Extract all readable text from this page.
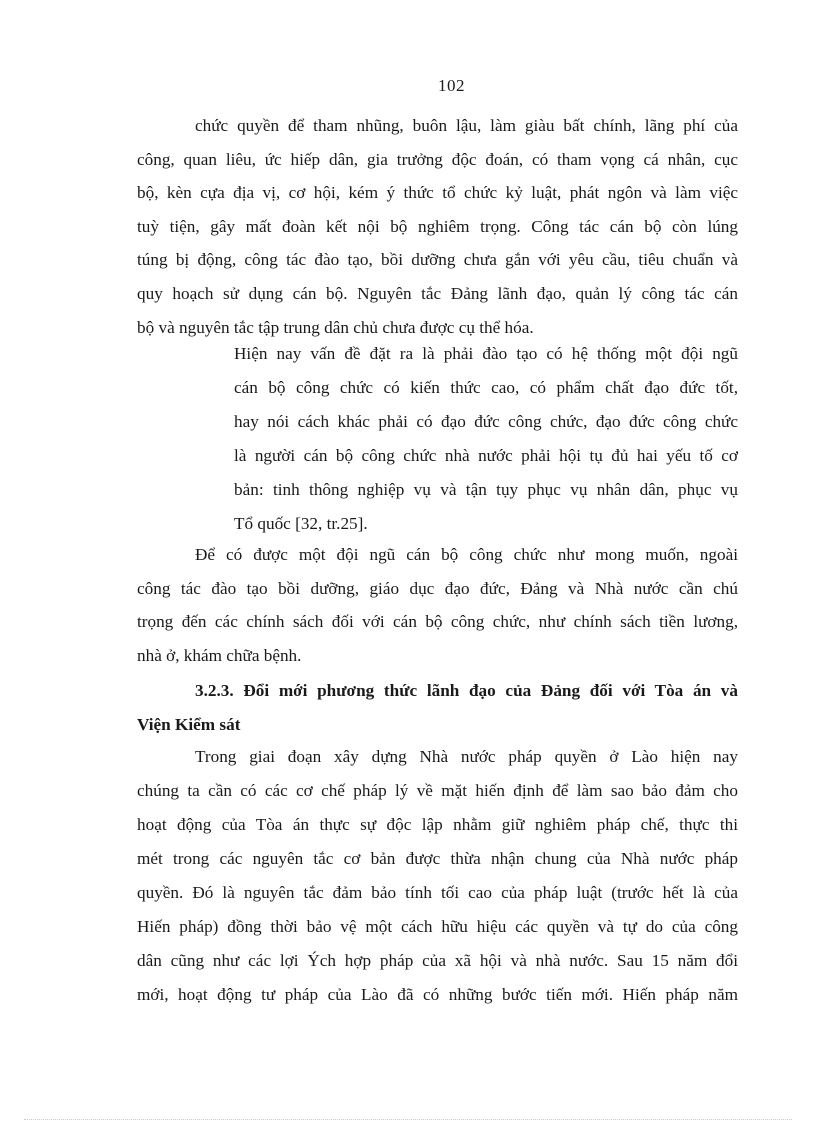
102
chức quyền để tham nhũng, buôn lậu, làm giàu bất chính, lãng phí của
công, quan liêu, ức hiếp dân, gia trưởng độc đoán, có tham vọng cá nhân, cục
bộ, kèn cựa địa vị, cơ hội, kém ý thức tổ chức kỷ luật, phát ngôn và làm việc
tuỳ tiện, gây mất đoàn kết nội bộ nghiêm trọng. Công tác cán bộ còn lúng
túng bị động, công tác đào tạo, bồi dưỡng chưa gắn với yêu cầu, tiêu chuẩn và
quy hoạch sử dụng cán bộ. Nguyên tắc Đảng lãnh đạo, quản lý công tác cán
bộ và nguyên tắc tập trung dân chủ chưa được cụ thể hóa.
Hiện nay vấn đề đặt ra là phải đào tạo có hệ thống một đội ngũ
cán bộ công chức có kiến thức cao, có phẩm chất đạo đức tốt,
hay nói cách khác phải có đạo đức công chức, đạo đức công chức
là người cán bộ công chức nhà nước phải hội tụ đủ hai yếu tố cơ
bản: tinh thông nghiệp vụ và tận tụy phục vụ nhân dân, phục vụ
Tổ quốc [32, tr.25].
Để có được một đội ngũ cán bộ công chức như mong muốn, ngoài
công tác đào tạo bồi dưỡng, giáo dục đạo đức, Đảng và Nhà nước cần chú
trọng đến các chính sách đối với cán bộ công chức, như chính sách tiền lương,
nhà ở, khám chữa bệnh.
3.2.3. Đổi mới phương thức lãnh đạo của Đảng đối với Tòa án và
Viện Kiểm sát
Trong giai đoạn xây dựng Nhà nước pháp quyền ở Lào hiện nay
chúng ta cần có các cơ chế pháp lý về mặt hiến định để làm sao bảo đảm cho
hoạt động của Tòa án thực sự độc lập nhằm giữ nghiêm pháp chế, thực thi
mét trong các nguyên tắc cơ bản được thừa nhận chung của Nhà nước pháp
quyền. Đó là nguyên tắc đảm bảo tính tối cao của pháp luật (trước hết là của
Hiến pháp) đồng thời bảo vệ một cách hữu hiệu các quyền và tự do của công
dân cũng như các lợi Ých hợp pháp của xã hội và nhà nước. Sau 15 năm đổi
mới, hoạt động tư pháp của Lào đã có những bước tiến mới. Hiến pháp năm
